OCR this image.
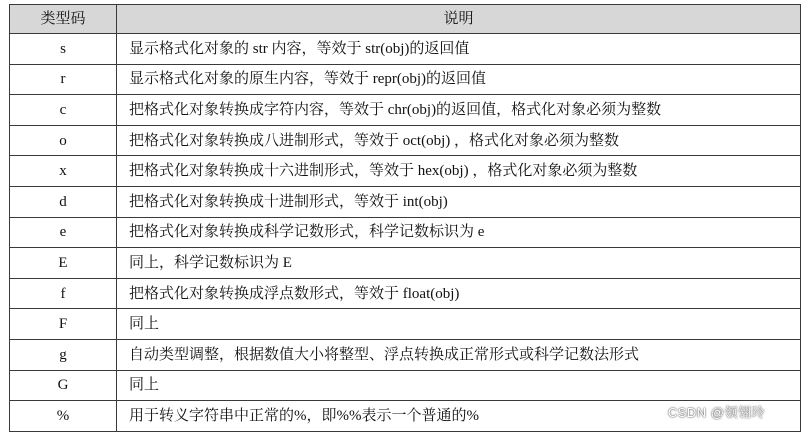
类型码	说明
s	显示格式化对象的 str 内容，等效于 str(obj)的返回值
r	显示格式化对象的原生内容，等效于 repr(obj)的返回值
c	把格式化对象转换成字符内容，等效于 chr(obj)的返回值，格式化对象必须为整数
o	把格式化对象转换成八进制形式，等效于 oct(obj) ，格式化对象必须为整数
x	把格式化对象转换成十六进制形式，等效于 hex(obj) ，格式化对象必须为整数
d	把格式化对象转换成十进制形式，等效于 int(obj)
e	把格式化对象转换成科学记数形式，科学记数标识为 e
E	同上，科学记数标识为 E
f	把格式化对象转换成浮点数形式，等效于 float(obj)
F	同上
g	自动类型调整，根据数值大小将整型、浮点转换成正常形式或科学记数法形式
G	同上
%	用于转义字符串中正常的%，即%%表示一个普通的%	CSDN @领翎玲
